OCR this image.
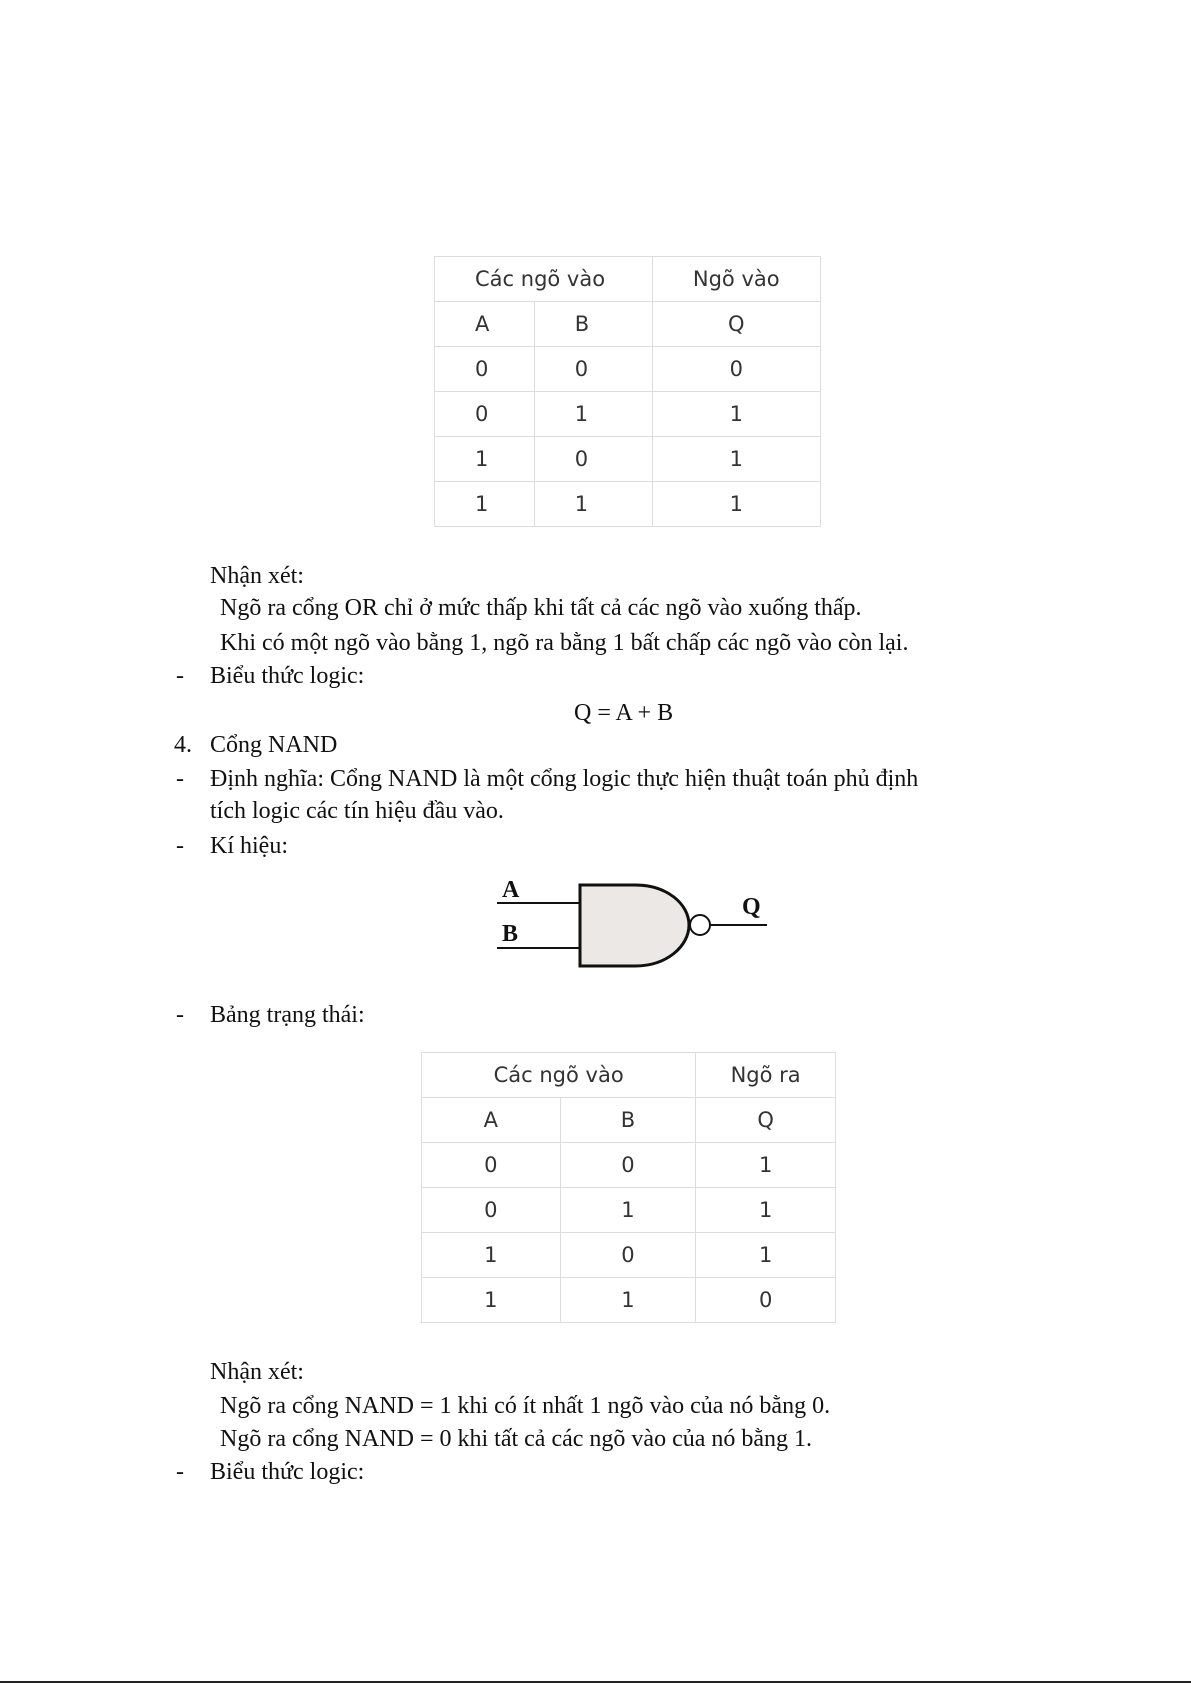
Các ngõ vào		Ngõ vào
A	B	Q
0	0	0
0	1	1
1	0	1
1	1	1
Nhận xét:
Ngõ ra cổng OR chỉ ở mức thấp khi tất cả các ngõ vào xuống thấp.
Khi có một ngõ vào bằng 1, ngõ ra bằng 1 bất chấp các ngõ vào còn lại.
- Biểu thức logic:
Q = A + B
4. Cổng NAND
- Định nghĩa: Cổng NAND là một cổng logic thực hiện thuật toán phủ định
tích logic các tín hiệu đầu vào.
- Kí hiệu:
A
B
Q
- Bảng trạng thái:
Các ngõ vào		Ngõ ra
A	B	Q
0	0	1
0	1	1
1	0	1
1	1	0
Nhận xét:
Ngõ ra cổng NAND = 1 khi có ít nhất 1 ngõ vào của nó bằng 0.
Ngõ ra cổng NAND = 0 khi tất cả các ngõ vào của nó bằng 1.
- Biểu thức logic:
